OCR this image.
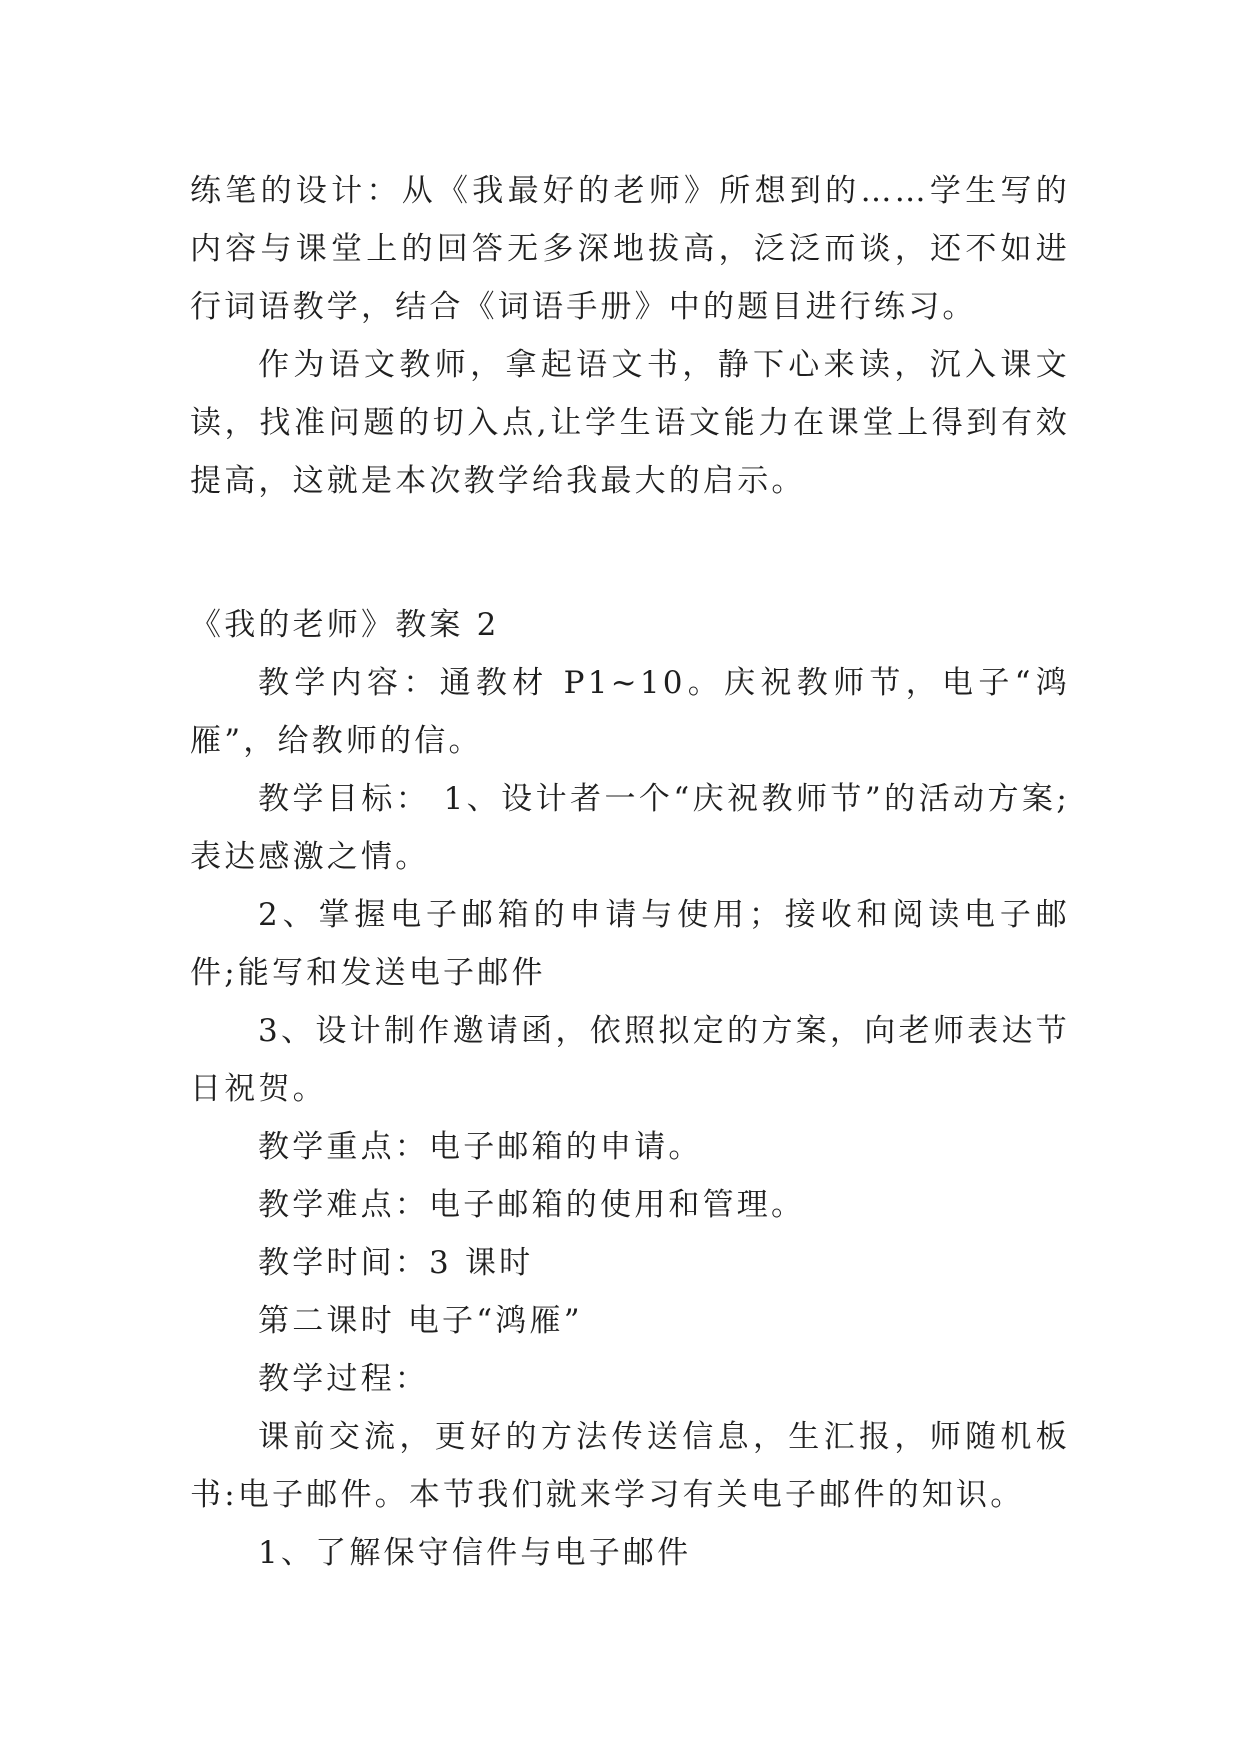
练笔的设计：从《我最好的老师》所想到的……学生写的内容与课堂上的回答无多深地拔高，泛泛而谈，还不如进行词语教学，结合《词语手册》中的题目进行练习。

作为语文教师，拿起语文书，静下心来读，沉入课文读，找准问题的切入点,让学生语文能力在课堂上得到有效提高，这就是本次教学给我最大的启示。

《我的老师》教案 2

教学内容：通教材 P1~10。庆祝教师节，电子“鸿雁”，给教师的信。

教学目标： 1、设计者一个“庆祝教师节”的活动方案;表达感激之情。

2、掌握电子邮箱的申请与使用；接收和阅读电子邮件;能写和发送电子邮件

3、设计制作邀请函，依照拟定的方案，向老师表达节日祝贺。

教学重点：电子邮箱的申请。

教学难点：电子邮箱的使用和管理。

教学时间：3 课时

第二课时 电子“鸿雁”

教学过程：

课前交流，更好的方法传送信息，生汇报，师随机板书:电子邮件。本节我们就来学习有关电子邮件的知识。

1、了解保守信件与电子邮件
